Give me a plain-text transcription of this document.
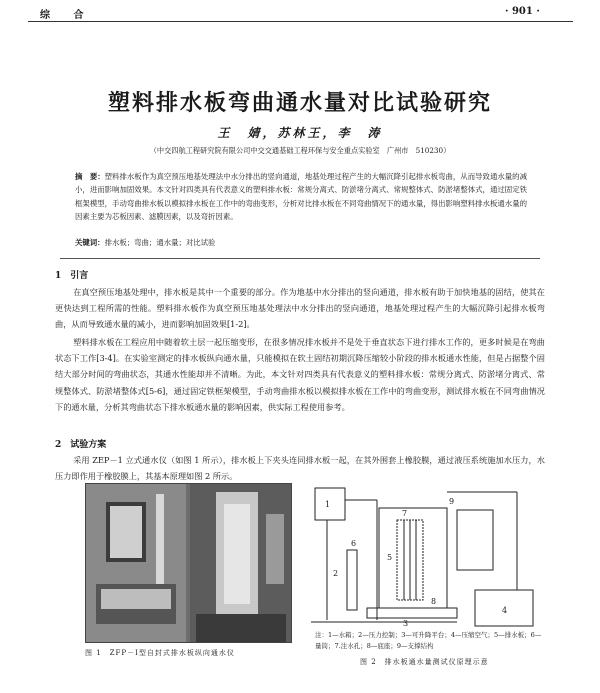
综 合	· 901 ·
塑料排水板弯曲通水量对比试验研究
王　婧，苏林王，李　涛
（中交四航工程研究院有限公司中交交通基础工程环保与安全重点实验室　广州市　510230）
摘　要：塑料排水板作为真空预压地基处理法中水分排出的竖向通道，地基处理过程产生的大幅沉降引起排水板弯曲，从而导致通水量的减小，进而影响加固效果。本文针对四类具有代表意义的塑料排水板：常规分离式、防淤堵分离式、常规整体式、防淤堵整体式，通过固定铁框架模型，手动弯曲排水板以模拟排水板在工作中的弯曲变形，分析对比排水板在不同弯曲情况下的通水量，得出影响塑料排水板通水量的因素主要为芯板因素、滤膜因素，以及弯折因素。
关键词：排水板；弯曲；通水量；对比试验
1　引言
在真空预压地基处理中，排水板是其中一个重要的部分。作为地基中水分排出的竖向通道，排水板有助于加快地基的固结，使其在更快达到工程所需的性能。塑料排水板作为真空预压地基处理法中水分排出的竖向通道，地基处理过程产生的大幅沉降引起排水板弯曲，从而导致通水量的减小，进而影响加固效果[1-2]。
塑料排水板在工程应用中随着软土层一起压缩变形，在很多情况排水板并不是处于垂直状态下进行排水工作的，更多时候是在弯曲状态下工作[3-4]。在实验室测定的排水板纵向通水量，只能模拟在软土固结初期沉降压缩较小阶段的排水板通水性能，但是占据整个固结大部分时间的弯曲状态，其通水性能却并不清晰。为此，本文针对四类具有代表意义的塑料排水板：常规分离式、防淤堵分离式、常规整体式、防淤堵整体式[5-6]，通过固定铁框架模型，手动弯曲排水板以模拟排水板在工作中的弯曲变形，测试排水板在不同弯曲情况下的通水量，分析其弯曲状态下排水板通水量的影响因素，供实际工程使用参考。
2　试验方案
采用 ZEP－1 立式通水仪（如图 1 所示），排水板上下夹头连同排水板一起，在其外围套上橡胶膜，通过液压系统施加水压力，水压力即作用于橡胶膜上，其基本原理如图 2 所示。
图 1　ZFP－Ⅰ型自封式排水板纵向通水仪
1
2
3
4
5
6
7
8
9
注：1—水箱；2—压力控制；3—可升降平台；4—压缩空气；5—排水板；6—量筒；7.注水孔；8—底座；9—支撑结构
图 2　排水板通水量测试仪原理示意
